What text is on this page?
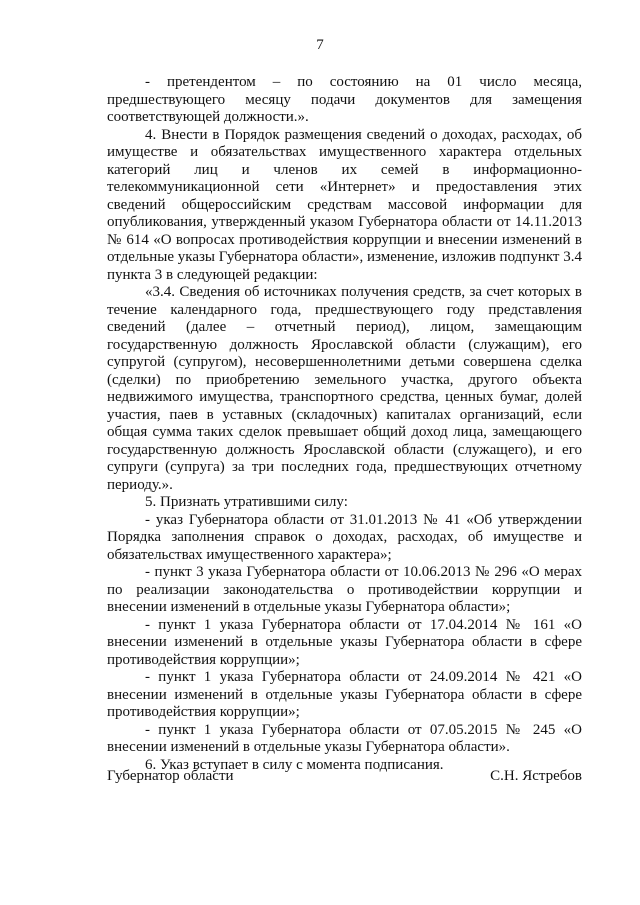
7

- претендентом – по состоянию на 01 число месяца, предшествующего месяцу подачи документов для замещения соответствующей должности.».

4. Внести в Порядок размещения сведений о доходах, расходах, об имуществе и обязательствах имущественного характера отдельных категорий лиц и членов их семей в информационно-телекоммуникационной сети «Интернет» и предоставления этих сведений общероссийским средствам массовой информации для опубликования, утвержденный указом Губернатора области от 14.11.2013 № 614 «О вопросах противодействия коррупции и внесении изменений в отдельные указы Губернатора области», изменение, изложив подпункт 3.4 пункта 3 в следующей редакции:

«3.4. Сведения об источниках получения средств, за счет которых в течение календарного года, предшествующего году представления сведений (далее – отчетный период), лицом, замещающим государственную должность Ярославской области (служащим), его супругой (супругом), несовершеннолетними детьми совершена сделка (сделки) по приобретению земельного участка, другого объекта недвижимого имущества, транспортного средства, ценных бумаг, долей участия, паев в уставных (складочных) капиталах организаций, если общая сумма таких сделок превышает общий доход лица, замещающего государственную должность Ярославской области (служащего), и его супруги (супруга) за три последних года, предшествующих отчетному периоду.».

5. Признать утратившими силу:

- указ Губернатора области от 31.01.2013 № 41 «Об утверждении Порядка заполнения справок о доходах, расходах, об имуществе и обязательствах имущественного характера»;

- пункт 3 указа Губернатора области от 10.06.2013 № 296 «О мерах по реализации законодательства о противодействии коррупции и внесении изменений в отдельные указы Губернатора области»;

- пункт 1 указа Губернатора области от 17.04.2014 № 161 «О внесении изменений в отдельные указы Губернатора области в сфере противодействия коррупции»;

- пункт 1 указа Губернатора области от 24.09.2014 № 421 «О внесении изменений в отдельные указы Губернатора области в сфере противодействия коррупции»;

- пункт 1 указа Губернатора области от 07.05.2015 № 245 «О внесении изменений в отдельные указы Губернатора области».

6. Указ вступает в силу с момента подписания.

Губернатор области	С.Н. Ястребов
